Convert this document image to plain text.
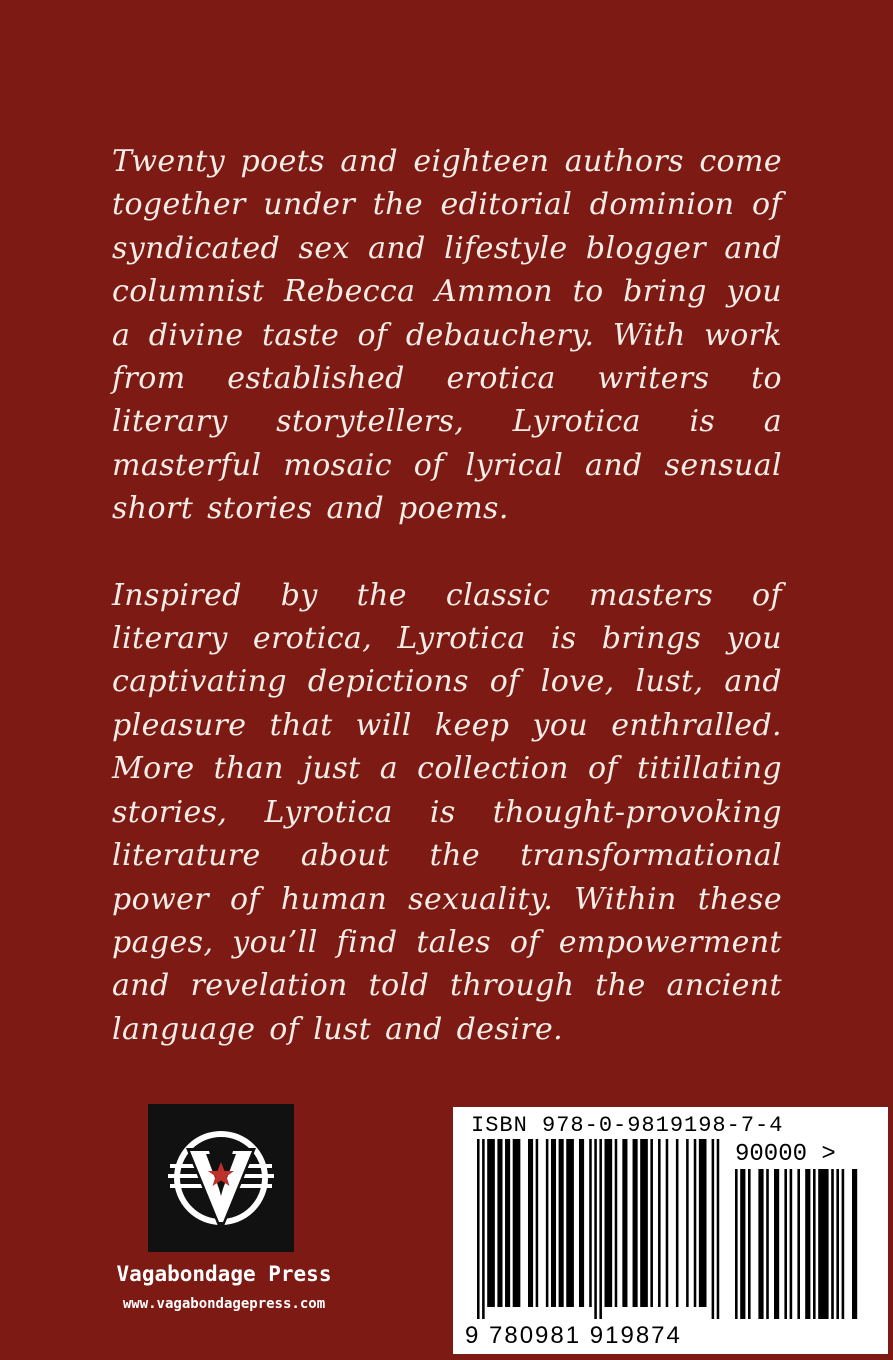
Twenty poets and eighteen authors come together under the editorial dominion of syndicated sex and lifestyle blogger and columnist Rebecca Ammon to bring you a divine taste of debauchery. With work from established erotica writers to literary storytellers, Lyrotica is a masterful mosaic of lyrical and sensual short stories and poems.

Inspired by the classic masters of literary erotica, Lyrotica is brings you captivating depictions of love, lust, and pleasure that will keep you enthralled. More than just a collection of titillating stories, Lyrotica is thought-provoking literature about the transformational power of human sexuality. Within these pages, you’ll find tales of empowerment and revelation told through the ancient language of lust and desire.

Vagabondage Press
www.vagabondagepress.com
ISBN 978-0-9819198-7-4
90000 >
9 780981 919874
